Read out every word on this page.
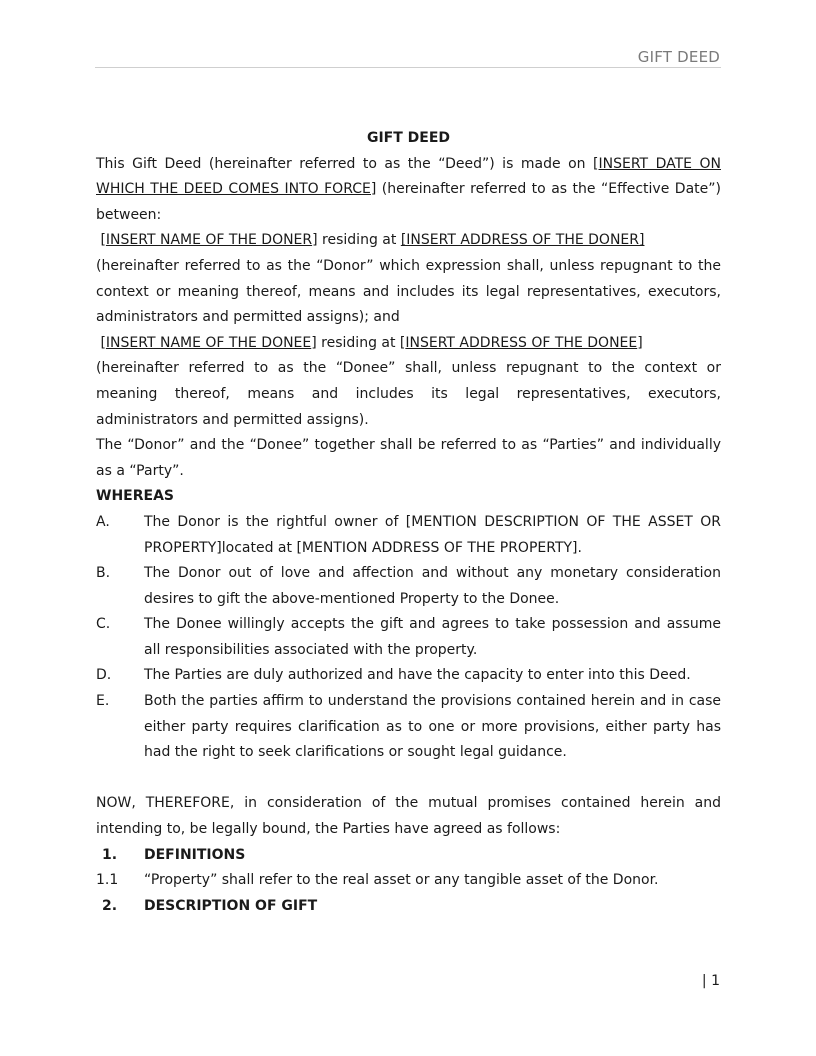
GIFT DEED

GIFT DEED

This Gift Deed (hereinafter referred to as the “Deed”) is made on [INSERT DATE ON WHICH THE DEED COMES INTO FORCE] (hereinafter referred to as the “Effective Date”) between:

[INSERT NAME OF THE DONER] residing at [INSERT ADDRESS OF THE DONER]

(hereinafter referred to as the “Donor” which expression shall, unless repugnant to the context or meaning thereof, means and includes its legal representatives, executors, administrators and permitted assigns); and

[INSERT NAME OF THE DONEE] residing at [INSERT ADDRESS OF THE DONEE]

(hereinafter referred to as the “Donee” shall, unless repugnant to the context or meaning thereof, means and includes its legal representatives, executors, administrators and permitted assigns).

The “Donor” and the “Donee” together shall be referred to as “Parties” and individually as a “Party”.

WHEREAS

A.	The Donor is the rightful owner of [MENTION DESCRIPTION OF THE ASSET OR PROPERTY]located at [MENTION ADDRESS OF THE PROPERTY].
B.	The Donor out of love and affection and without any monetary consideration desires to gift the above-mentioned Property to the Donee.
C.	The Donee willingly accepts the gift and agrees to take possession and assume all responsibilities associated with the property.
D.	The Parties are duly authorized and have the capacity to enter into this Deed.
E.	Both the parties affirm to understand the provisions contained herein and in case either party requires clarification as to one or more provisions, either party has had the right to seek clarifications or sought legal guidance.

NOW, THEREFORE, in consideration of the mutual promises contained herein and intending to, be legally bound, the Parties have agreed as follows:

1.	DEFINITIONS
1.1	“Property” shall refer to the real asset or any tangible asset of the Donor.
2.	DESCRIPTION OF GIFT
| 1
